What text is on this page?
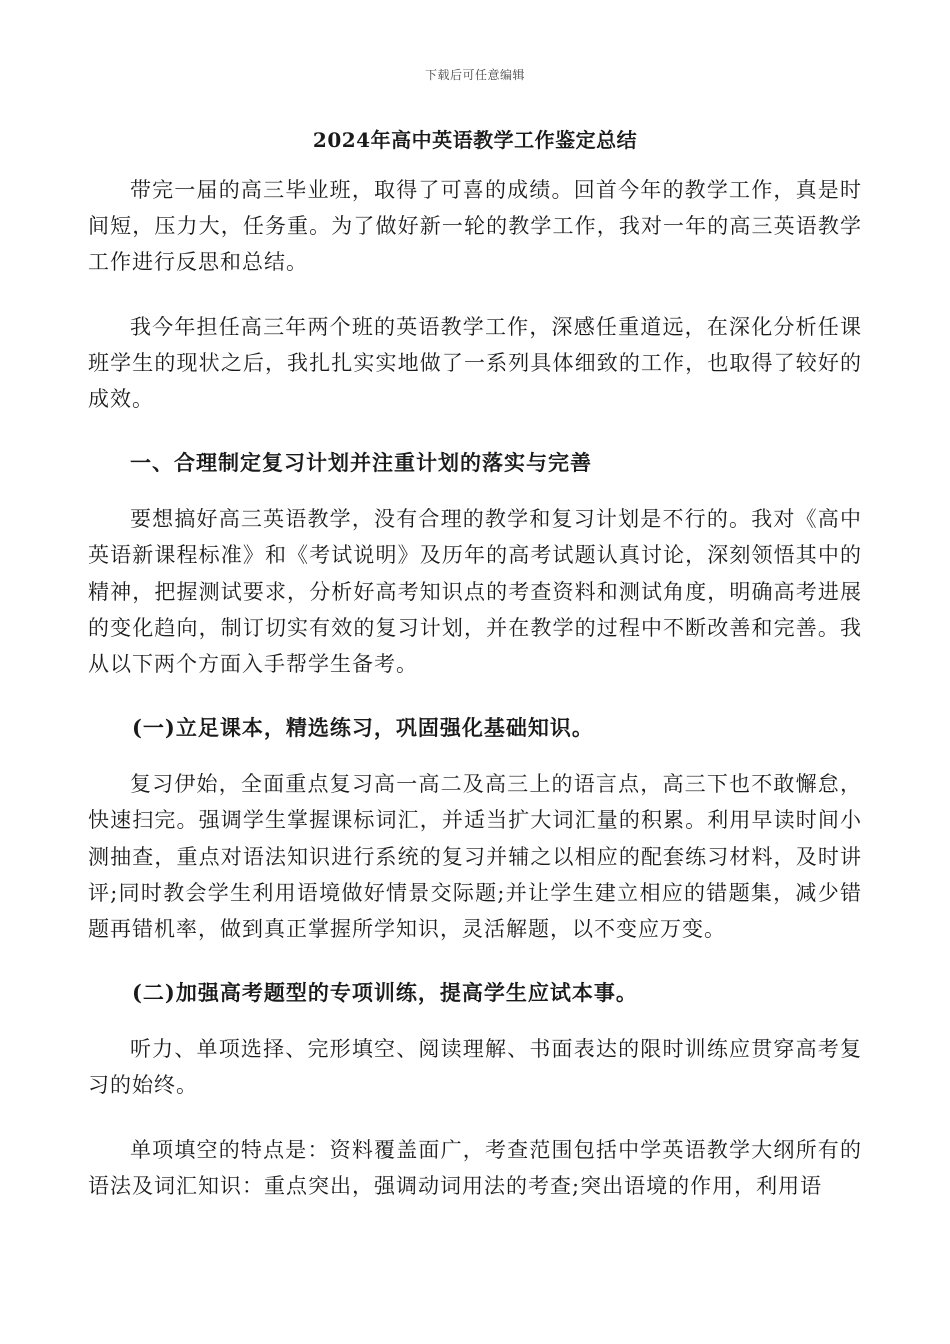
下载后可任意编辑
2024年高中英语教学工作鉴定总结

带完一届的高三毕业班，取得了可喜的成绩。回首今年的教学工作，真是时间短，压力大，任务重。为了做好新一轮的教学工作，我对一年的高三英语教学工作进行反思和总结。

我今年担任高三年两个班的英语教学工作，深感任重道远，在深化分析任课班学生的现状之后，我扎扎实实地做了一系列具体细致的工作，也取得了较好的成效。

一、合理制定复习计划并注重计划的落实与完善

要想搞好高三英语教学，没有合理的教学和复习计划是不行的。我对《高中英语新课程标准》和《考试说明》及历年的高考试题认真讨论，深刻领悟其中的精神，把握测试要求，分析好高考知识点的考查资料和测试角度，明确高考进展的变化趋向，制订切实有效的复习计划，并在教学的过程中不断改善和完善。我从以下两个方面入手帮学生备考。

(一)立足课本，精选练习，巩固强化基础知识。

复习伊始，全面重点复习高一高二及高三上的语言点，高三下也不敢懈怠，快速扫完。强调学生掌握课标词汇，并适当扩大词汇量的积累。利用早读时间小测抽查，重点对语法知识进行系统的复习并辅之以相应的配套练习材料，及时讲评;同时教会学生利用语境做好情景交际题;并让学生建立相应的错题集，减少错题再错机率，做到真正掌握所学知识，灵活解题，以不变应万变。

(二)加强高考题型的专项训练，提高学生应试本事。

听力、单项选择、完形填空、阅读理解、书面表达的限时训练应贯穿高考复习的始终。

单项填空的特点是：资料覆盖面广，考查范围包括中学英语教学大纲所有的语法及词汇知识：重点突出，强调动词用法的考查;突出语境的作用，利用语
